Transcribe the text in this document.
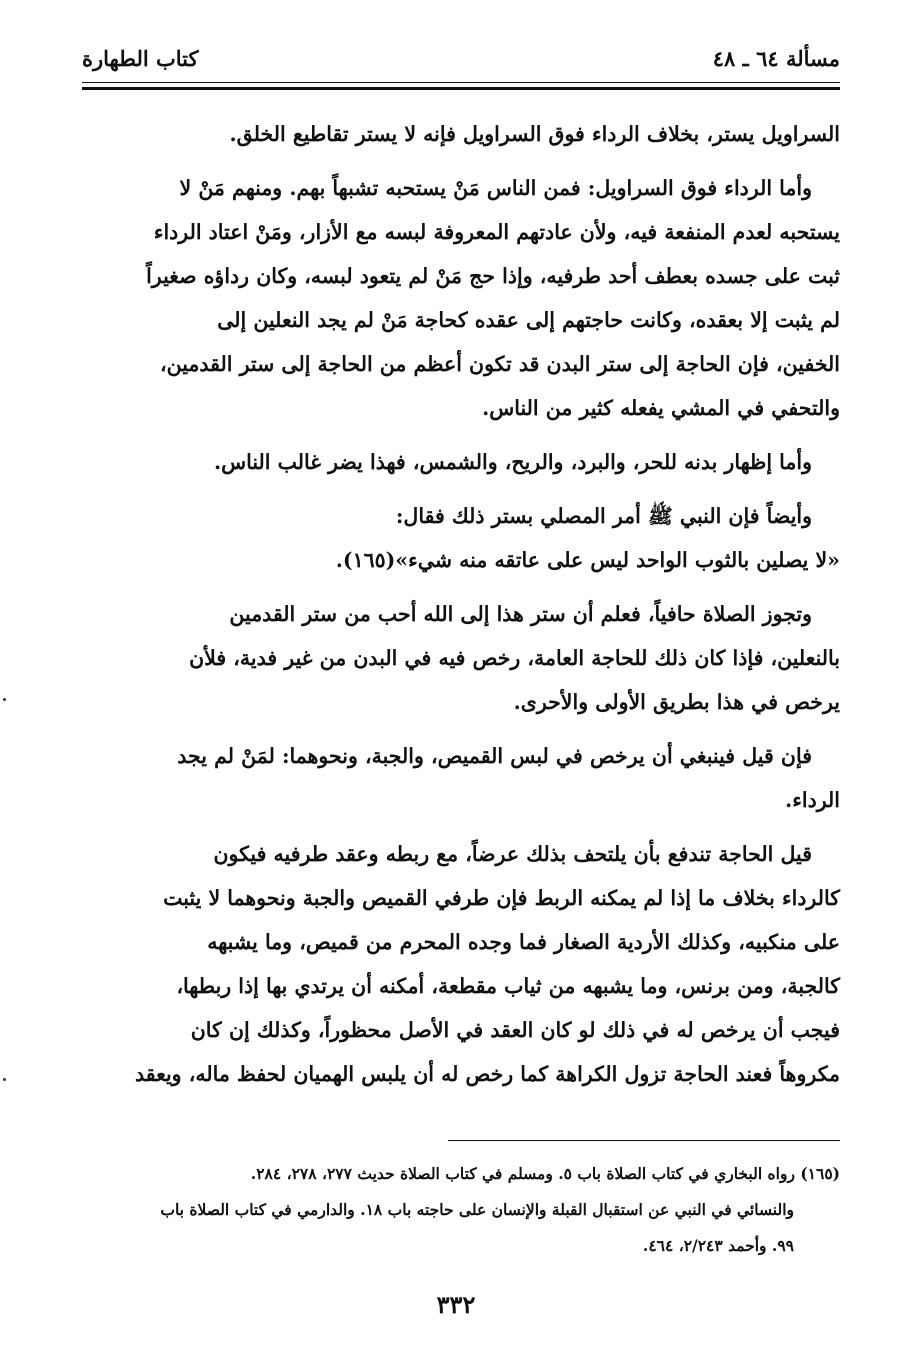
مسألة ٦٤ ـ ٤٨
كتاب الطهارة

السراويل يستر، بخلاف الرداء فوق السراويل فإنه لا يستر تقاطيع الخلق.

وأما الرداء فوق السراويل: فمن الناس مَنْ يستحبه تشبهاً بهم. ومنهم مَنْ لا

يستحبه لعدم المنفعة فيه، ولأن عادتهم المعروفة لبسه مع الأزار، ومَنْ اعتاد الرداء

ثبت على جسده بعطف أحد طرفيه، وإذا حج مَنْ لم يتعود لبسه، وكان رداؤه صغيراً

لم يثبت إلا بعقده، وكانت حاجتهم إلى عقده كحاجة مَنْ لم يجد النعلين إلى

الخفين، فإن الحاجة إلى ستر البدن قد تكون أعظم من الحاجة إلى ستر القدمين،

والتحفي في المشي يفعله كثير من الناس.

وأما إظهار بدنه للحر، والبرد، والريح، والشمس، فهذا يضر غالب الناس.

وأيضاً فإن النبي ﷺ أمر المصلي بستر ذلك فقال:

«لا يصلين بالثوب الواحد ليس على عاتقه منه شيء»(١٦٥).

وتجوز الصلاة حافياً، فعلم أن ستر هذا إلى الله أحب من ستر القدمين

بالنعلين، فإذا كان ذلك للحاجة العامة، رخص فيه في البدن من غير فدية، فلأن

يرخص في هذا بطريق الأولى والأحرى.

فإن قيل فينبغي أن يرخص في لبس القميص، والجبة، ونحوهما: لمَنْ لم يجد

الرداء.

قيل الحاجة تندفع بأن يلتحف بذلك عرضاً، مع ربطه وعقد طرفيه فيكون

كالرداء بخلاف ما إذا لم يمكنه الربط فإن طرفي القميص والجبة ونحوهما لا يثبت

على منكبيه، وكذلك الأردية الصغار فما وجده المحرم من قميص، وما يشبهه

كالجبة، ومن برنس، وما يشبهه من ثياب مقطعة، أمكنه أن يرتدي بها إذا ربطها،

فيجب أن يرخص له في ذلك لو كان العقد في الأصل محظوراً، وكذلك إن كان

مكروهاً فعند الحاجة تزول الكراهة كما رخص له أن يلبس الهميان لحفظ ماله، ويعقد

(١٦٥) رواه البخاري في كتاب الصلاة باب ٥. ومسلم في كتاب الصلاة حديث ٢٧٧، ٢٧٨، ٢٨٤.

والنسائي في النبي عن استقبال القبلة والإنسان على حاجته باب ١٨. والدارمي في كتاب الصلاة باب

٩٩. وأحمد ٢/٢٤٣، ٤٦٤.

٣٣٢
